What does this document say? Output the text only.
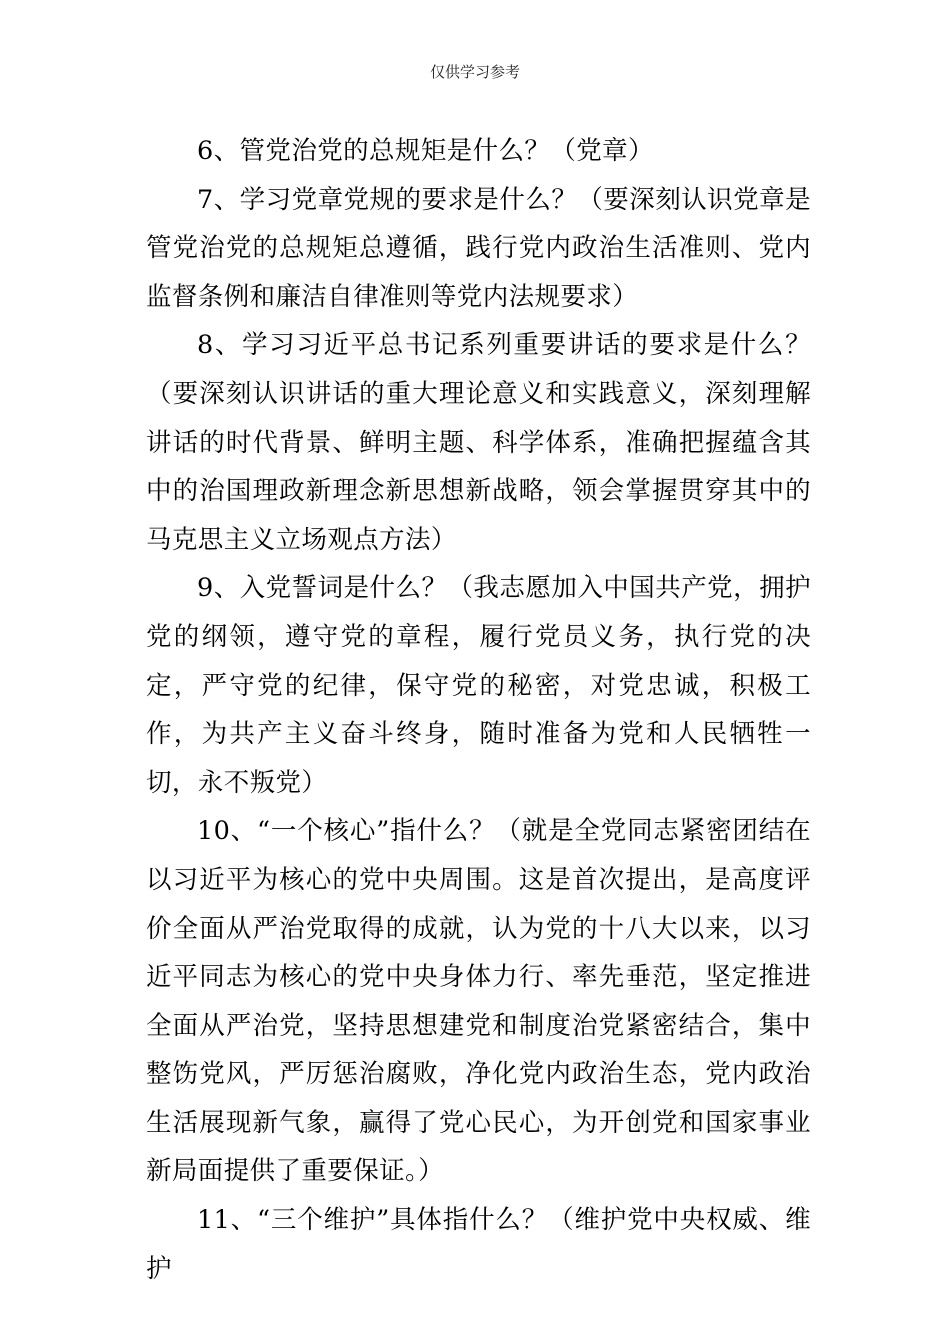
仅供学习参考

6、管党治党的总规矩是什么？（党章）

7、学习党章党规的要求是什么？（要深刻认识党章是管党治党的总规矩总遵循，践行党内政治生活准则、党内监督条例和廉洁自律准则等党内法规要求）

8、学习习近平总书记系列重要讲话的要求是什么？（要深刻认识讲话的重大理论意义和实践意义，深刻理解讲话的时代背景、鲜明主题、科学体系，准确把握蕴含其中的治国理政新理念新思想新战略，领会掌握贯穿其中的马克思主义立场观点方法）

9、入党誓词是什么？（我志愿加入中国共产党，拥护党的纲领，遵守党的章程，履行党员义务，执行党的决定，严守党的纪律，保守党的秘密，对党忠诚，积极工作，为共产主义奋斗终身，随时准备为党和人民牺牲一切，永不叛党）

10、“一个核心”指什么？（就是全党同志紧密团结在以习近平为核心的党中央周围。这是首次提出，是高度评价全面从严治党取得的成就，认为党的十八大以来，以习近平同志为核心的党中央身体力行、率先垂范，坚定推进全面从严治党，坚持思想建党和制度治党紧密结合，集中整饬党风，严厉惩治腐败，净化党内政治生态，党内政治生活展现新气象，赢得了党心民心，为开创党和国家事业新局面提供了重要保证。）

11、“三个维护”具体指什么？（维护党中央权威、维护
